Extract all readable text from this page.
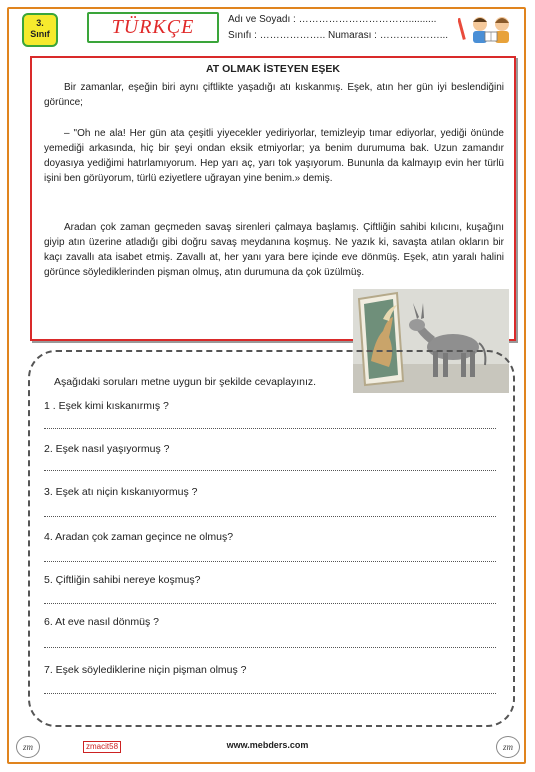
3.
Sınıf	TÜRKÇE	Adı ve Soyadı : ……………………………..........
Sınıfı : ……………….. Numarası : ………………...
AT OLMAK İSTEYEN EŞEK

Bir zamanlar, eşeğin biri aynı çiftlikte yaşadığı atı kıskanmış. Eşek, atın her gün iyi beslendiğini görünce;

– "Oh ne ala! Her gün ata çeşitli yiyecekler yediriyorlar, temizleyip tımar ediyorlar, yediği önünde yemediği arkasında, hiç bir şeyi ondan eksik etmiyorlar; ya benim durumuma bak. Uzun zamandır doyasıya yediğimi hatırlamıyorum. Hep yarı aç, yarı tok yaşıyorum. Bununla da kalmayıp evin her türlü işini ben görüyorum, türlü eziyetlere uğrayan yine benim.» demiş.

Aradan çok zaman geçmeden savaş sirenleri çalmaya başlamış. Çiftliğin sahibi kılıcını, kuşağını giyip atın üzerine atladığı gibi doğru savaş meydanına koşmuş. Ne yazık ki, savaşta atılan okların bir kaçı zavallı ata isabet etmiş. Zavallı at, her yanı yara bere içinde eve dönmüş. Eşek, atın yaralı halini görünce söylediklerinden pişman olmuş, atın durumuna da çok üzülmüş.

Aşağıdaki soruları metne uygun bir şekilde cevaplayınız.
1 . Eşek kimi kıskanırmış ?
2. Eşek nasıl yaşıyormuş ?
3. Eşek atı niçin kıskanıyormuş ?
4. Aradan çok zaman geçince ne olmuş?
5. Çiftliğin sahibi nereye koşmuş?
6. At eve nasıl dönmüş ?
7. Eşek söylediklerine niçin pişman olmuş ?
zm	zmacit58	www.mebders.com	zm
